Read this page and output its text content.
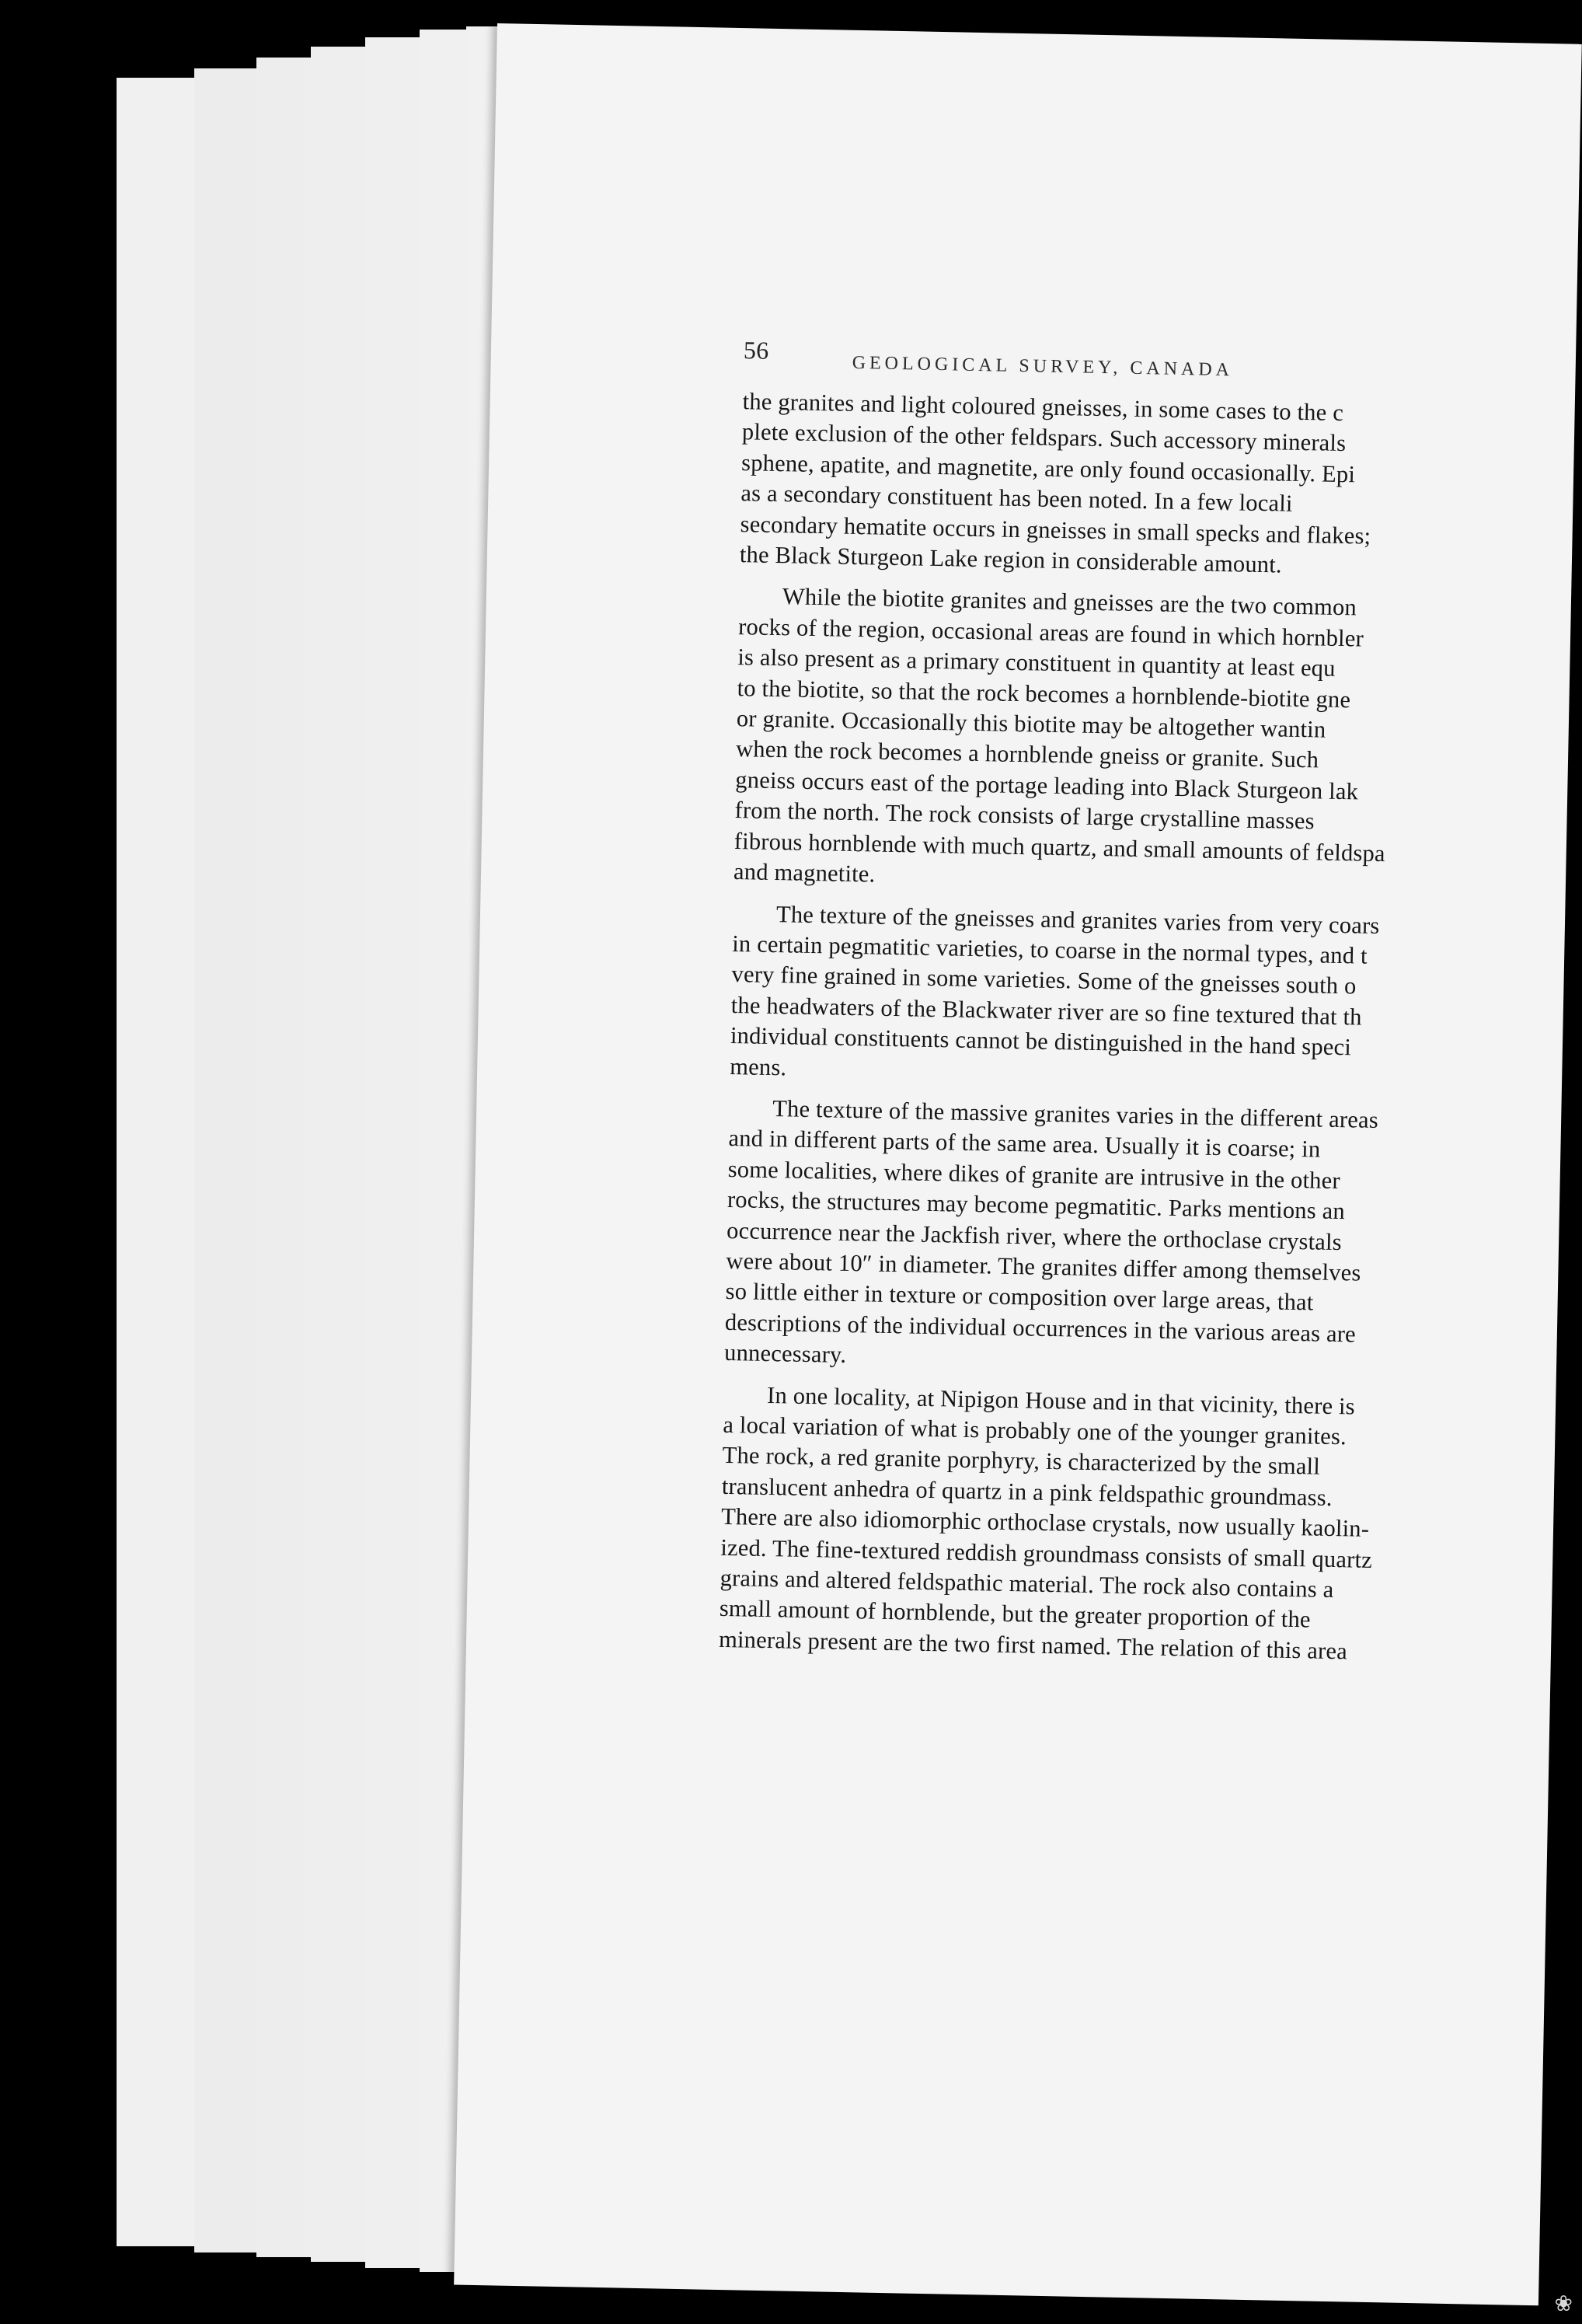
56
GEOLOGICAL SURVEY, CANADA
the granites and light coloured gneisses, in some cases to the c
plete exclusion of the other feldspars. Such accessory minerals
sphene, apatite, and magnetite, are only found occasionally. Epi
as a secondary constituent has been noted. In a few locali
secondary hematite occurs in gneisses in small specks and flakes;
the Black Sturgeon Lake region in considerable amount.
While the biotite granites and gneisses are the two common
rocks of the region, occasional areas are found in which hornbler
is also present as a primary constituent in quantity at least equ
to the biotite, so that the rock becomes a hornblende-biotite gne
or granite. Occasionally this biotite may be altogether wantin
when the rock becomes a hornblende gneiss or granite. Such
gneiss occurs east of the portage leading into Black Sturgeon lak
from the north. The rock consists of large crystalline masses
fibrous hornblende with much quartz, and small amounts of feldspa
and magnetite.
The texture of the gneisses and granites varies from very coars
in certain pegmatitic varieties, to coarse in the normal types, and t
very fine grained in some varieties. Some of the gneisses south o
the headwaters of the Blackwater river are so fine textured that th
individual constituents cannot be distinguished in the hand speci
mens.
The texture of the massive granites varies in the different areas
and in different parts of the same area. Usually it is coarse; in
some localities, where dikes of granite are intrusive in the other
rocks, the structures may become pegmatitic. Parks mentions an
occurrence near the Jackfish river, where the orthoclase crystals
were about 10″ in diameter. The granites differ among themselves
so little either in texture or composition over large areas, that
descriptions of the individual occurrences in the various areas are
unnecessary.
In one locality, at Nipigon House and in that vicinity, there is
a local variation of what is probably one of the younger granites.
The rock, a red granite porphyry, is characterized by the small
translucent anhedra of quartz in a pink feldspathic groundmass.
There are also idiomorphic orthoclase crystals, now usually kaolin-
ized. The fine-textured reddish groundmass consists of small quartz
grains and altered feldspathic material. The rock also contains a
small amount of hornblende, but the greater proportion of the
minerals present are the two first named. The relation of this area
❀
